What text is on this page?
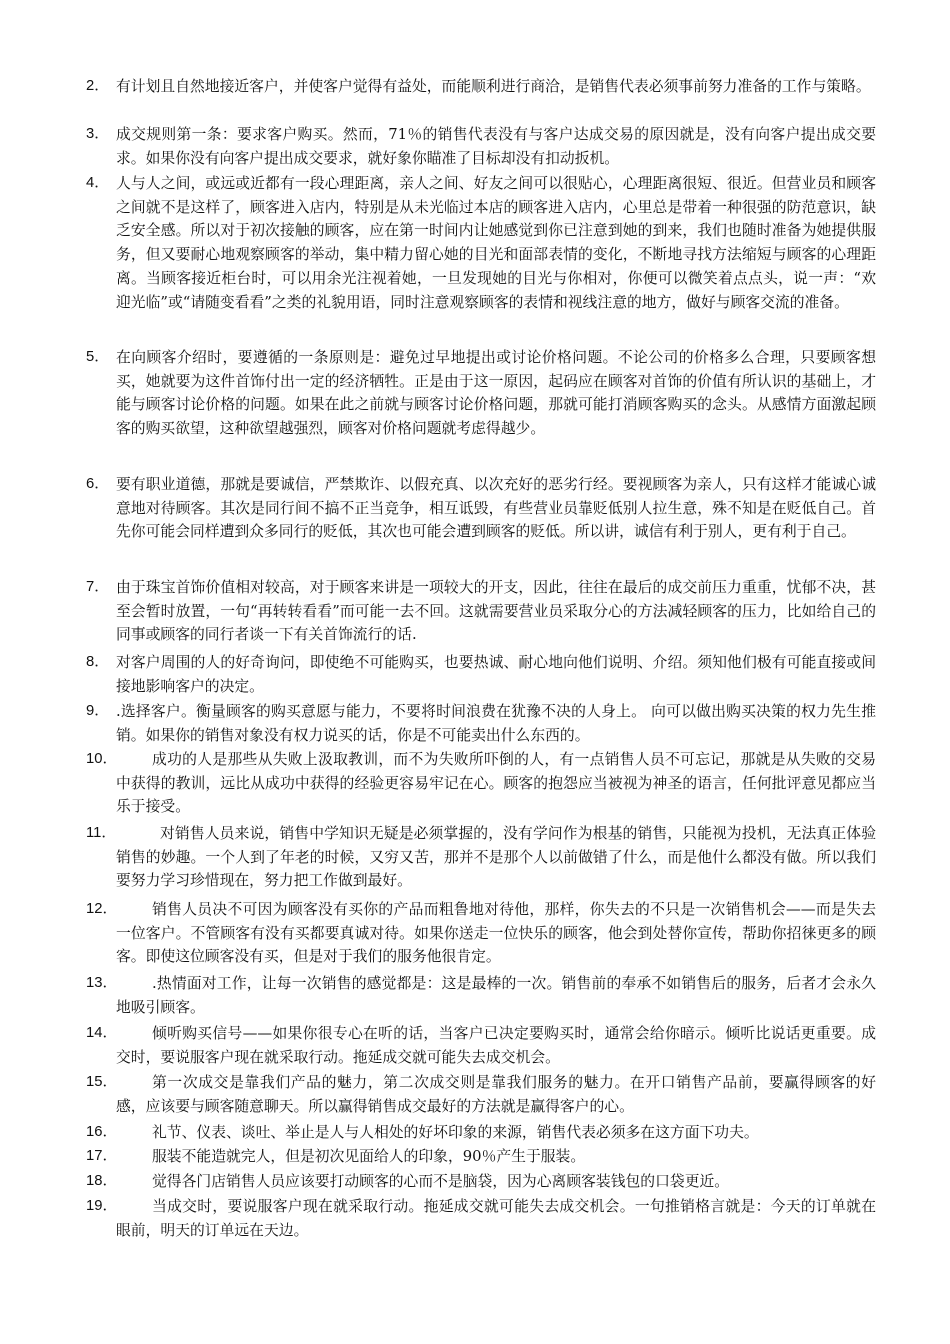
2． 有计划且自然地接近客户，并使客户觉得有益处，而能顺利进行商洽，是销售代表必须事前努力准备的工作与策略。
3． 成交规则第一条：要求客户购买。然而，71％的销售代表没有与客户达成交易的原因就是，没有向客户提出成交要求。如果你没有向客户提出成交要求，就好象你瞄准了目标却没有扣动扳机。
4． 人与人之间，或远或近都有一段心理距离，亲人之间、好友之间可以很贴心，心理距离很短、很近。但营业员和顾客之间就不是这样了，顾客进入店内，特别是从未光临过本店的顾客进入店内，心里总是带着一种很强的防范意识，缺乏安全感。所以对于初次接触的顾客，应在第一时间内让她感觉到你已注意到她的到来，我们也随时准备为她提供服务，但又要耐心地观察顾客的举动，集中精力留心她的目光和面部表情的变化，不断地寻找方法缩短与顾客的心理距离。当顾客接近柜台时，可以用余光注视着她，一旦发现她的目光与你相对，你便可以微笑着点点头，说一声：“欢迎光临”或“请随变看看”之类的礼貌用语，同时注意观察顾客的表情和视线注意的地方，做好与顾客交流的准备。
5． 在向顾客介绍时，要遵循的一条原则是：避免过早地提出或讨论价格问题。不论公司的价格多么合理，只要顾客想买，她就要为这件首饰付出一定的经济牺牲。正是由于这一原因，起码应在顾客对首饰的价值有所认识的基础上，才能与顾客讨论价格的问题。如果在此之前就与顾客讨论价格问题，那就可能打消顾客购买的念头。从感情方面激起顾客的购买欲望，这种欲望越强烈，顾客对价格问题就考虑得越少。
6． 要有职业道德，那就是要诚信，严禁欺诈、以假充真、以次充好的恶劣行经。要视顾客为亲人，只有这样才能诚心诚意地对待顾客。其次是同行间不搞不正当竞争，相互诋毁，有些营业员靠贬低别人拉生意，殊不知是在贬低自己。首先你可能会同样遭到众多同行的贬低，其次也可能会遭到顾客的贬低。所以讲，诚信有利于别人，更有利于自己。
7． 由于珠宝首饰价值相对较高，对于顾客来讲是一项较大的开支，因此，往往在最后的成交前压力重重，忧郁不决，甚至会暂时放置，一句“再转转看看”而可能一去不回。这就需要营业员采取分心的方法减轻顾客的压力，比如给自己的同事或顾客的同行者谈一下有关首饰流行的话.
8． 对客户周围的人的好奇询问，即使绝不可能购买，也要热诚、耐心地向他们说明、介绍。须知他们极有可能直接或间接地影响客户的决定。
9． .选择客户。衡量顾客的购买意愿与能力，不要将时间浪费在犹豫不决的人身上。 向可以做出购买决策的权力先生推销。如果你的销售对象没有权力说买的话，你是不可能卖出什么东西的。
10．	成功的人是那些从失败上汲取教训，而不为失败所吓倒的人，有一点销售人员不可忘记，那就是从失败的交易中获得的教训，远比从成功中获得的经验更容易牢记在心。顾客的抱怨应当被视为神圣的语言，任何批评意见都应当乐于接受。
11．	对销售人员来说，销售中学知识无疑是必须掌握的，没有学问作为根基的销售，只能视为投机，无法真正体验销售的妙趣。一个人到了年老的时候，又穷又苦，那并不是那个人以前做错了什么，而是他什么都没有做。所以我们要努力学习珍惜现在，努力把工作做到最好。
12．	销售人员决不可因为顾客没有买你的产品而粗鲁地对待他，那样，你失去的不只是一次销售机会——而是失去一位客户。不管顾客有没有买都要真诚对待。如果你送走一位快乐的顾客，他会到处替你宣传，帮助你招徕更多的顾客。即使这位顾客没有买，但是对于我们的服务他很肯定。
13．	.热情面对工作，让每一次销售的感觉都是：这是最棒的一次。销售前的奉承不如销售后的服务，后者才会永久地吸引顾客。
14．	倾听购买信号——如果你很专心在听的话，当客户已决定要购买时，通常会给你暗示。倾听比说话更重要。成交时，要说服客户现在就采取行动。拖延成交就可能失去成交机会。
15．	第一次成交是靠我们产品的魅力，第二次成交则是靠我们服务的魅力。在开口销售产品前，要赢得顾客的好感，应该要与顾客随意聊天。所以赢得销售成交最好的方法就是赢得客户的心。
16．	礼节、仪表、谈吐、举止是人与人相处的好坏印象的来源，销售代表必须多在这方面下功夫。
17．	服装不能造就完人，但是初次见面给人的印象，90％产生于服装。
18．	觉得各门店销售人员应该要打动顾客的心而不是脑袋，因为心离顾客装钱包的口袋更近。
19．	当成交时，要说服客户现在就采取行动。拖延成交就可能失去成交机会。一句推销格言就是：今天的订单就在眼前，明天的订单远在天边。
